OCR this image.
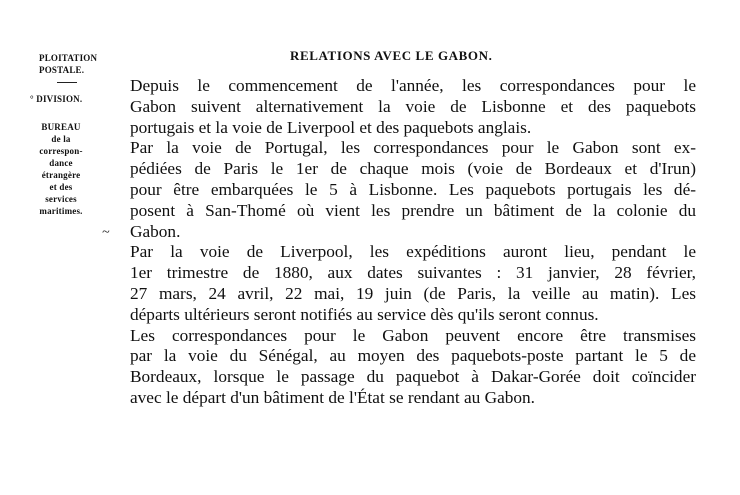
PLOITATION
POSTALE.
° DIVISION.
BUREAU
de la
correspon-
dance
étrangère
et des
services
maritimes.
~
RELATIONS AVEC LE GABON.

Depuis le commencement de l'année, les correspondances pour le
Gabon suivent alternativement la voie de Lisbonne et des paquebots
portugais et la voie de Liverpool et des paquebots anglais.

Par la voie de Portugal, les correspondances pour le Gabon sont ex-
pédiées de Paris le 1er de chaque mois (voie de Bordeaux et d'Irun)
pour être embarquées le 5 à Lisbonne. Les paquebots portugais les dé-
posent à San-Thomé où vient les prendre un bâtiment de la colonie du
Gabon.

Par la voie de Liverpool, les expéditions auront lieu, pendant le
1er trimestre de 1880, aux dates suivantes : 31 janvier, 28 février,
27 mars, 24 avril, 22 mai, 19 juin (de Paris, la veille au matin). Les
départs ultérieurs seront notifiés au service dès qu'ils seront connus.

Les correspondances pour le Gabon peuvent encore être transmises
par la voie du Sénégal, au moyen des paquebots-poste partant le 5 de
Bordeaux, lorsque le passage du paquebot à Dakar-Gorée doit coïncider
avec le départ d'un bâtiment de l'État se rendant au Gabon.
